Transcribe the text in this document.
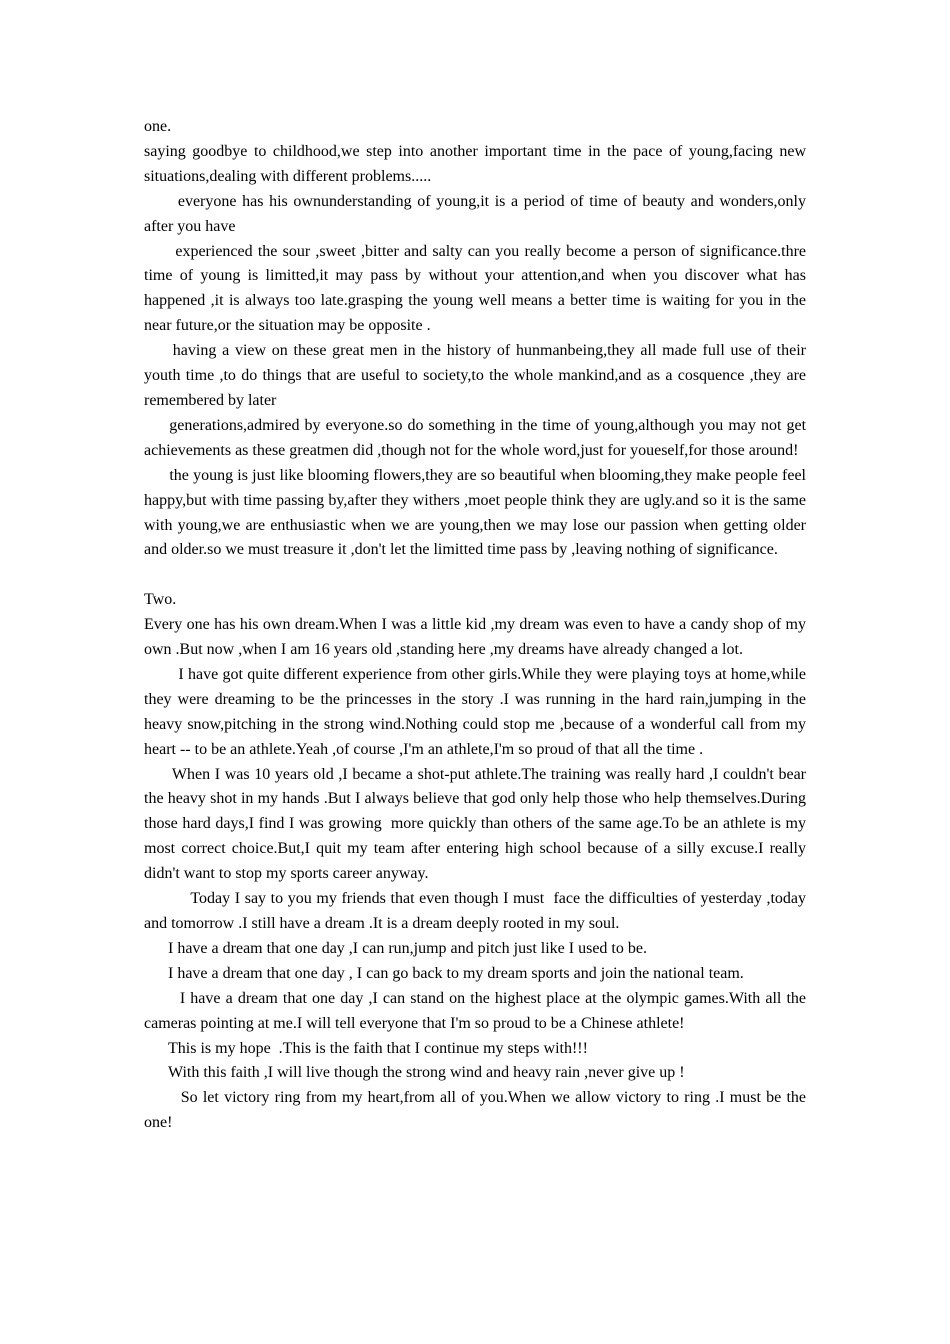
one.

saying goodbye to childhood,we step into another important time in the pace of young,facing new situations,dealing with different problems.....

everyone has his ownunderstanding of young,it is a period of time of beauty and wonders,only after you have

experienced the sour ,sweet ,bitter and salty can you really become a person of significance.thre time of young is limitted,it may pass by without your attention,and when you discover what has happened ,it is always too late.grasping the young well means a better time is waiting for you in the near future,or the situation may be opposite .

having a view on these great men in the history of hunmanbeing,they all made full use of their youth time ,to do things that are useful to society,to the whole mankind,and as a cosquence ,they are remembered by later

generations,admired by everyone.so do something in the time of young,although you may not get achievements as these greatmen did ,though not for the whole word,just for youeself,for those around!

the young is just like blooming flowers,they are so beautiful when blooming,they make people feel happy,but with time passing by,after they withers ,moet people think they are ugly.and so it is the same with young,we are enthusiastic when we are young,then we may lose our passion when getting older and older.so we must treasure it ,don't let the limitted time pass by ,leaving nothing of significance.

Two.

Every one has his own dream.When I was a little kid ,my dream was even to have a candy shop of my own .But now ,when I am 16 years old ,standing here ,my dreams have already changed a lot.

I have got quite different experience from other girls.While they were playing toys at home,while they were dreaming to be the princesses in the story .I was running in the hard rain,jumping in the heavy snow,pitching in the strong wind.Nothing could stop me ,because of a wonderful call from my heart -- to be an athlete.Yeah ,of course ,I'm an athlete,I'm so proud of that all the time .

When I was 10 years old ,I became a shot-put athlete.The training was really hard ,I couldn't bear the heavy shot in my hands .But I always believe that god only help those who help themselves.During those hard days,I find I was growing  more quickly than others of the same age.To be an athlete is my most correct choice.But,I quit my team after entering high school because of a silly excuse.I really didn't want to stop my sports career anyway.

Today I say to you my friends that even though I must  face the difficulties of yesterday ,today and tomorrow .I still have a dream .It is a dream deeply rooted in my soul.

I have a dream that one day ,I can run,jump and pitch just like I used to be.

I have a dream that one day , I can go back to my dream sports and join the national team.

I have a dream that one day ,I can stand on the highest place at the olympic games.With all the cameras pointing at me.I will tell everyone that I'm so proud to be a Chinese athlete!

This is my hope  .This is the faith that I continue my steps with!!!

With this faith ,I will live though the strong wind and heavy rain ,never give up !

So let victory ring from my heart,from all of you.When we allow victory to ring .I must be the one!
